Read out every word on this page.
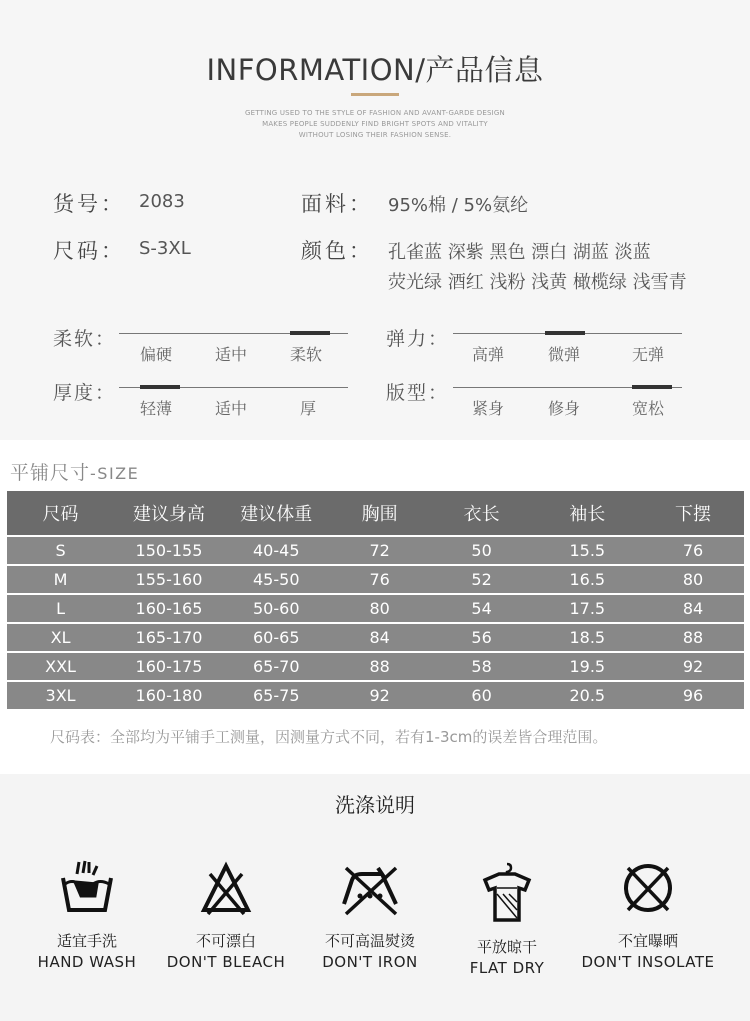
INFORMATION/产品信息
GETTING USED TO THE STYLE OF FASHION AND AVANT-GARDE DESIGN
MAKES PEOPLE SUDDENLY FIND BRIGHT SPOTS AND VITALITY
WITHOUT LOSING THEIR FASHION SENSE.
货号： 2083	面料： 95%棉 / 5%氨纶
尺码： S-3XL	颜色： 孔雀蓝 深紫 黑色 漂白 湖蓝 淡蓝
荧光绿 酒红 浅粉 浅黄 橄榄绿 浅雪青
柔软：
偏硬	适中	柔软
弹力：
高弹	微弹	无弹
厚度：
轻薄	适中	厚
版型：
紧身	修身	宽松
平铺尺寸-SIZE
尺码	建议身高	建议体重	胸围	衣长	袖长	下摆
S	150-155	40-45	72	50	15.5	76
M	155-160	45-50	76	52	16.5	80
L	160-165	50-60	80	54	17.5	84
XL	165-170	60-65	84	56	18.5	88
XXL	160-175	65-70	88	58	19.5	92
3XL	160-180	65-75	92	60	20.5	96
尺码表：全部均为平铺手工测量，因测量方式不同，若有1-3cm的误差皆合理范围。
洗涤说明
适宜手洗
HAND WASH
不可漂白
DON'T BLEACH
不可高温熨烫
DON'T IRON
平放晾干
FLAT DRY
不宜曝晒
DON'T INSOLATE
